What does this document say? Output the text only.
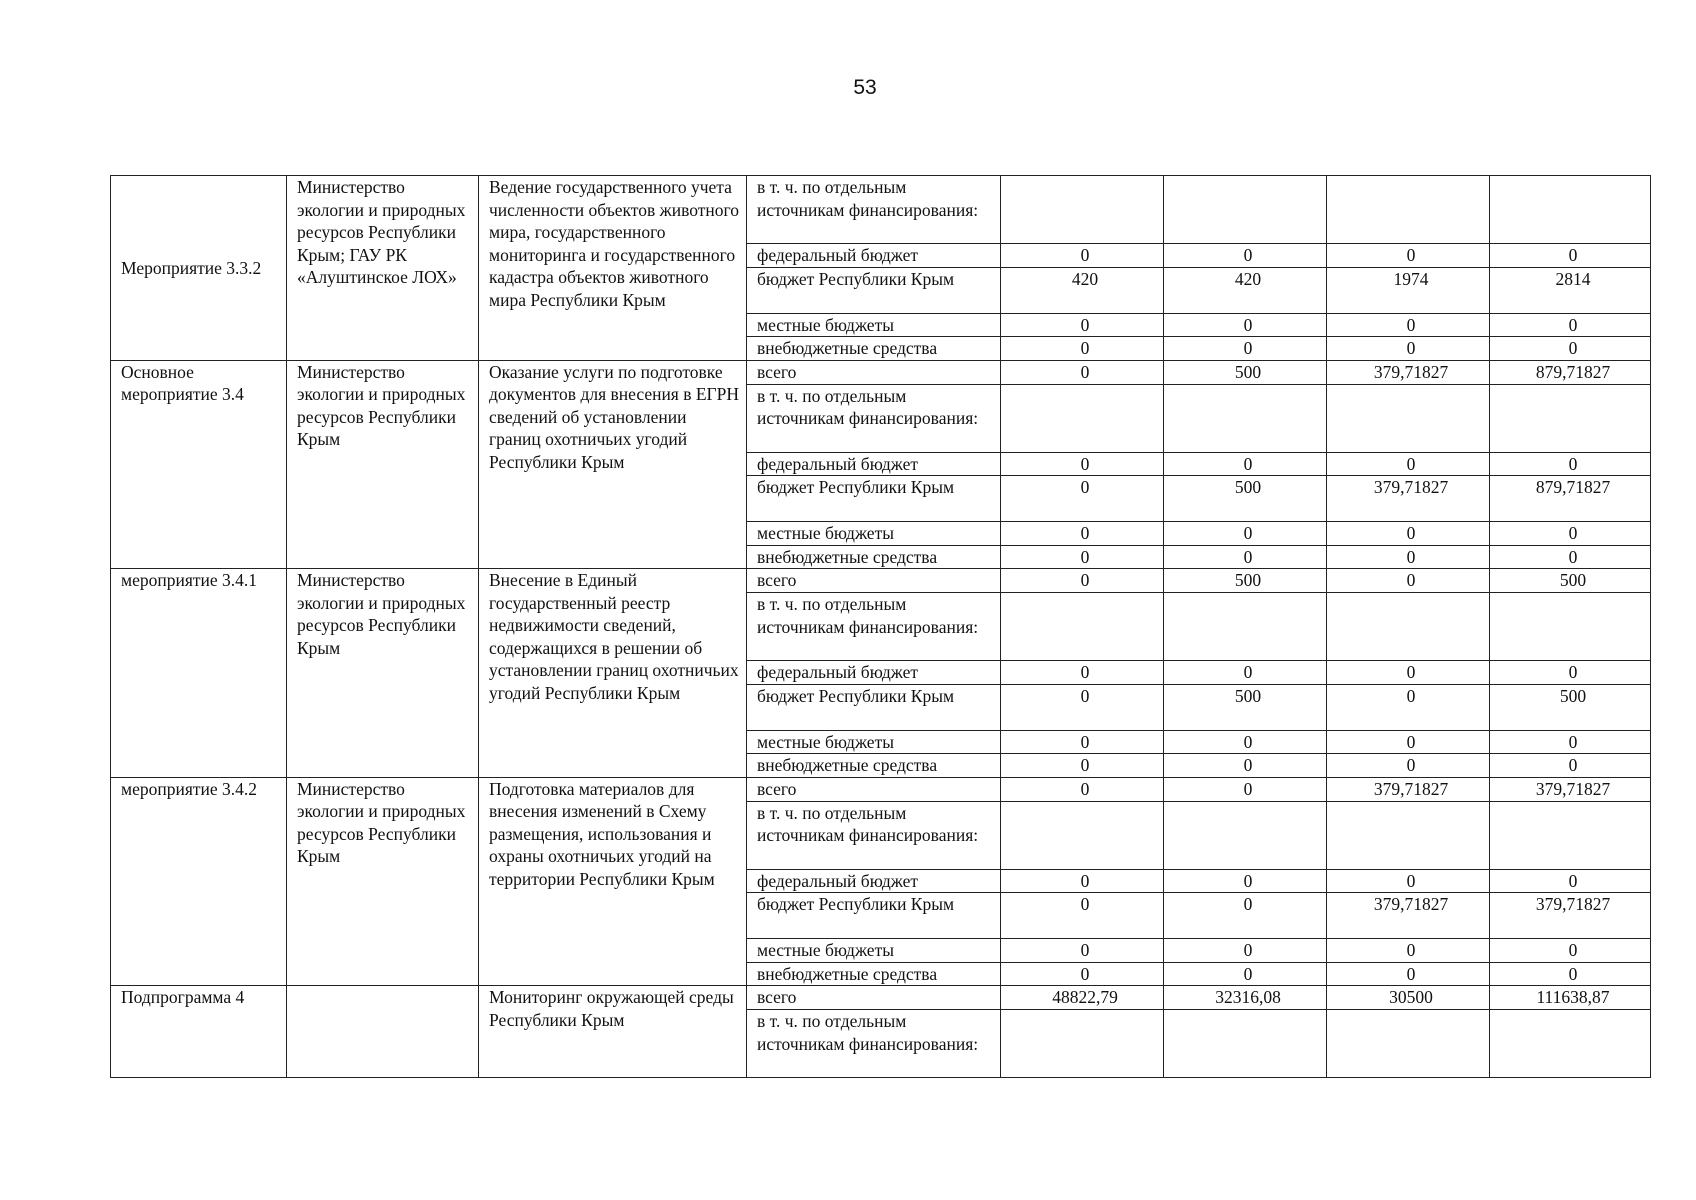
53
Мероприятие 3.3.2	Министерство экологии и природных ресурсов Республики Крым; ГАУ РК «Алуштинское ЛОХ»	Ведение государственного учета численности объектов животного мира, государственного мониторинга и государственного кадастра объектов животного мира Республики Крым	в т. ч. по отдельным источникам финансирования:				
			федеральный бюджет	0	0	0	0
			бюджет Республики Крым	420	420	1974	2814
			местные бюджеты	0	0	0	0
			внебюджетные средства	0	0	0	0
Основное мероприятие 3.4	Министерство экологии и природных ресурсов Республики Крым	Оказание услуги по подготовке документов для внесения в ЕГРН сведений об установлении границ охотничьих угодий Республики Крым	всего	0	500	379,71827	879,71827
			в т. ч. по отдельным источникам финансирования:				
			федеральный бюджет	0	0	0	0
			бюджет Республики Крым	0	500	379,71827	879,71827
			местные бюджеты	0	0	0	0
			внебюджетные средства	0	0	0	0
мероприятие 3.4.1	Министерство экологии и природных ресурсов Республики Крым	Внесение в Единый государственный реестр недвижимости сведений, содержащихся в решении об установлении границ охотничьих угодий Республики Крым	всего	0	500	0	500
			в т. ч. по отдельным источникам финансирования:				
			федеральный бюджет	0	0	0	0
			бюджет Республики Крым	0	500	0	500
			местные бюджеты	0	0	0	0
			внебюджетные средства	0	0	0	0
мероприятие 3.4.2	Министерство экологии и природных ресурсов Республики Крым	Подготовка материалов для внесения изменений в Схему размещения, использования и охраны охотничьих угодий на территории Республики Крым	всего	0	0	379,71827	379,71827
			в т. ч. по отдельным источникам финансирования:				
			федеральный бюджет	0	0	0	0
			бюджет Республики Крым	0	0	379,71827	379,71827
			местные бюджеты	0	0	0	0
			внебюджетные средства	0	0	0	0
Подпрограмма 4		Мониторинг окружающей среды Республики Крым	всего	48822,79	32316,08	30500	111638,87
			в т. ч. по отдельным источникам финансирования:				
